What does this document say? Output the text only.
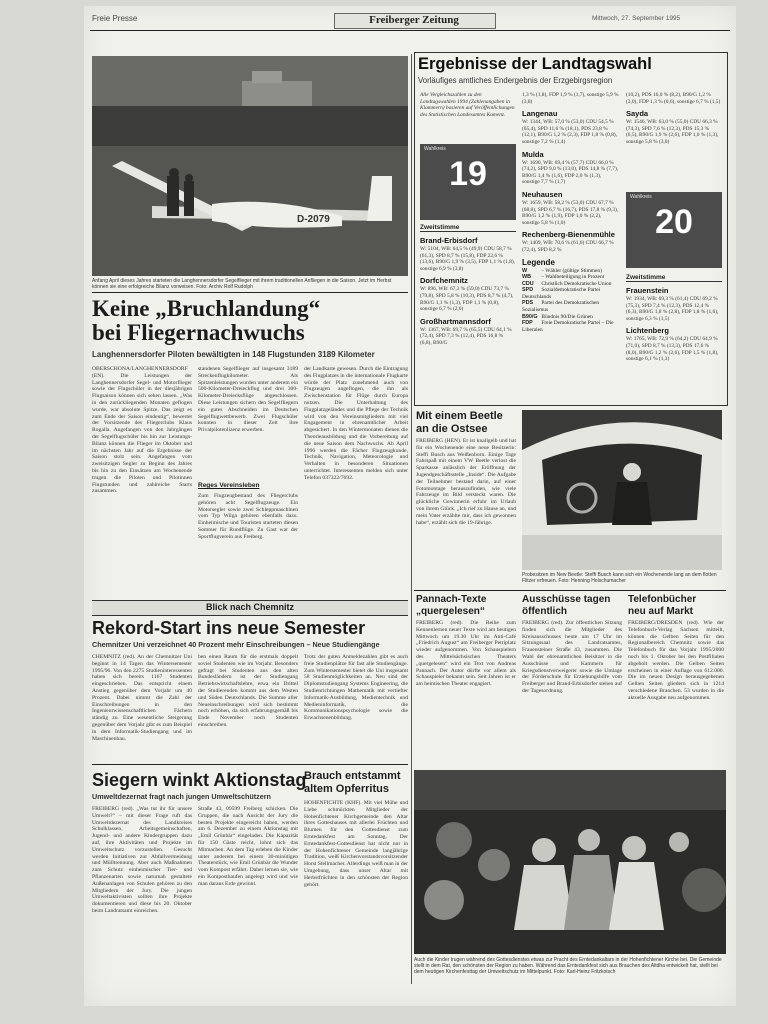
Freie Presse	Freiberger Zeitung	Mittwoch, 27. September 1995
D-2079

Anfang April dieses Jahres starteten die Langhennersdorfer Segelflieger mit ihrem traditionellen Anfliegen in die Saison. Jetzt im Herbst können sie eine erfolgreiche Bilanz vorweisen. Foto: Archiv Rolf Rudolph

Keine „Bruchlandung“
bei Fliegernachwuchs
Langhennersdorfer Piloten bewältigten in 148 Flugstunden 3189 Kilometer

OBERSCHÖNA/LANGHENNERSDORF (EN). Die Leistungen der Langhennersdorfer Segel- und Motorflieger sowie der Flugschüler in der diesjährigen Flugsaison können sich sehen lassen. „Was in den zurückliegenden Monaten geflogen wurde, war absolute Spitze. Das zeigt es zum Ende der Saison eindeutig“, bewertet der Vorsitzende des Fliegerclubs Klaus Rogalla. Angefangen von den Jahrgängen der Segelflugschüler bis hin zur Leistungs-Bilanz können die Flieger im Oktober und im nächsten Jahr auf die Ergebnisse der Saison stolz sein. Angefangen vom zweisitzigen Segler zu Beginn des Jahres bis hin zu den Einsätzen am Wochenende trugen die Piloten und Pilotinnen Flugstunden und zahlreiche Starts zusammen.

standenen Segelflieger auf insgesamt 3189 Streckenflugkilometer. Als Spitzenleistungen wurden unter anderem ein 500-Kilometer-Dreieckflug und drei 300-Kilometer-Dreiecksflüge abgeschlossen. Diese Leistungen sichern den Segelfliegern ein gutes Abschneiden im Deutschen Segelflugwettbewerb. Zwei Flugschüler konnten in dieser Zeit ihre Privatpilotenlizenz erwerben.

Reges Vereinsleben

Zum Flugzeugbestand des Fliegerclubs gehören acht Segelflugzeuge. Ein Motorsegler sowie zwei Schleppmaschinen vom Typ Wilga gehören ebenfalls dazu. Einheimische und Touristen starteten diesen Sommer für Rundflüge. Zu Gast war der Sportflugverein aus Freiberg.

der Landkarte gewesen. Durch die Eintragung des Flugplatzes in die internationale Flugkarte würde der Platz zunehmend auch von Flugzeugen angeflogen, die ihn als Zwischenstation für Flüge durch Europa nutzen. Die Unterhaltung des Flugplatzgeländes und die Pflege der Technik wird von den Vereinsmitgliedern mit viel Engagement in ehrenamtlicher Arbeit abgesichert. In den Wintermonaten dienen die Theorieausbildung und die Vorbereitung auf die neue Saison dem Nachwuchs. Ab April 1996 werden die Fächer Flugzeugkunde, Technik, Navigation, Meteorologie und Verhalten in besonderen Situationen unterrichtet. Interessenten melden sich unter Telefon 037322/7692.

Blick nach Chemnitz
Rekord-Start ins neue Semester
Chemnitzer Uni verzeichnet 40 Prozent mehr Einschreibungen – Neue Studiengänge

CHEMNITZ (red). An der Chemnitzer Uni beginnt in 14 Tagen das Wintersemester 1995/96. Von den 2275 Studieninteressenten haben sich bereits 1167 Studenten eingeschrieben. Das entspricht einem Anstieg gegenüber dem Vorjahr um 40 Prozent. Dabei nimmt die Zahl der Einschreibungen in den Ingenieurwissenschaftlichen Fächern ständig zu. Eine wesentliche Steigerung gegenüber dem Vorjahr gibt es zum Beispiel in dem Informatik-Studiengang und im Maschinenbau.

ben einen Raum für die erstmals doppelt soviel Studenten wie im Vorjahr. Besonders gefragt bei Studenten aus den alten Bundesländern ist der Studiengang Betriebswirtschaftslehre, etwa ein Drittel der Studierenden kommt aus dem Westen und Süden Deutschlands. Die Summe aller Neueinschreibungen wird sich bestimmt noch erhöhen, da sich erfahrungsgemäß bis Ende November noch Studenten einschreiben.

Trotz der guten Anmeldezahlen gibt es auch freie Studienplätze für fast alle Studiengänge. Zum Wintersemester bietet die Uni insgesamt 58 Studienmöglichkeiten an. Neu sind der Diplomstudiengang Systems Engineering, die Studienrichtungen Mathematik mit vertiefter Informatik-Ausbildung, Medientechnik und Medieninformatik, die Kommunikationspsychologie sowie die Erwachsenenbildung.

Siegern winkt Aktionstag
Umweltdezernat fragt nach jungen Umweltschützern

FREIBERG (red). „Was tut ihr für unsere Umwelt?“ – mit dieser Frage ruft das Umweltdezernat des Landkreises Schulklassen, Arbeitsgemeinschaften, Jugend- und andere Kindergruppen dazu auf, ihre Aktivitäten und Projekte im Umweltschutz vorzustellen. Gesucht werden Initiativen zur Abfallvermeidung und Mülltrennung. Aber auch Maßnahmen zum Schutz einheimischer Tier- und Pflanzenarten sowie naturnah gestaltete Außenanlagen von Schulen gehören zu den Mitgliedern der Jury. Die jungen Umweltaktivisten sollten ihre Projekte dokumentieren und diese bis 20. Oktober beim Landratsamt einreichen.

Straße 43, 09599 Freiberg schicken. Die Gruppen, die nach Ansicht der Jury die besten Projekte eingereicht haben, werden am 6. Dezember zu einem Aktionstag mit „Emil Grünbär“ eingeladen. Die Kapazität für 150 Gäste reicht, lohnt sich das Mitmachen. An dem Tag erleben die Kinder unter anderem bei einem 30-minütigen Theaterstück, wie Emil Grünbär die Wunder vom Kompost erfährt. Daher lernen sie, wie ein Komposthaufen angelegt wird und wie man daraus Erde gewinnt.

Brauch entstammt
altem Opferritus

HOHENFICHTE (KHF). Mit viel Mühe und Liebe schmückten Mitglieder der Hohenfichtener Kirchgemeinde den Altar ihres Gotteshauses mit allerlei Früchten und Blumen für den Gottesdienst zum Erntedankfest am Sonntag. Der Erntedankfest-Gottesdienst hat nicht nur in der Hohenfichtener Gemeinde langjährige Tradition, weiß Kirchenvorstandsvorsitzender Horst Stellmacher. Allerdings weiß man in der Umgebung, dass unser Altar mit Herbstfrüchten in den schönsten der Region gehört.

Ergebnisse der Landtagswahl
Vorläufiges amtliches Endergebnis der Erzgebirgsregion

Alle Vergleichszahlen zu den Landtagswahlen 1994 (Zahlenangaben in Klammern) basieren auf Veröffentlichungen des Statistischen Landesamtes Kamenz.

Wahlkreis
19
Zweitstimme
Brand-Erbisdorf

W: 5104, WB: 64,5 % (49,9) CDU 58,7 % (61,3), SPD 8,7 % (15,8), FDP 22,6 % (13,6), B90/G 1,9 % (3,5), FDP 1,1 % (1,8), sonstige 6,9 % (3,8)

Dorfchemnitz

W: 896, WB: 67,3 % (59,0) CDU 73,7 % (79,8), SPD 5,8 % (10,3), PDS 8,7 % (4,7), B90/G 1,1 % (1,3), FDP 1,1 % (0,8), sonstige 6,7 % (2,6)

Großhartmannsdorf

W: 1367, WB: 69,7 % (65,5) CDU 64,1 % (72,4), SPD 7,3 % (12,4), PDS 16,8 % (6,8), B90/G

1,3 % (1,8), FDP 1,9 % (1,7), sonstige 5,9 % (3,8)

Langenau

W: 1344, WB: 57,0 % (53,0) CDU 54,5 % (65,4), SPD 11,6 % (18,1), PDS 23,8 % (12,1), B90/G 1,2 % (2,3), FDP 1,8 % (0,8), sonstige 7,2 % (1,4)

Mulda

W: 1690, WB: 69,4 % (57,7) CDU 66,0 % (74,2), SPD 9,0 % (13,0), PDS 14,8 % (7,7), B90/G 1,4 % (1,6), FDP 2,0 % (1,3), sonstige 7,7 % (1,7)

Neuhausen

W: 1659, WB: 58,2 % (53,0) CDU 67,7 % (68,8), SPD 6,7 % (16,7), PDS 17,8 % (9,3), B90/G 1,2 % (1,9), FDP 1,0 % (2,2), sonstige 5,8 % (1,0)

Rechenberg-Bienenmühle

W: 1409, WB: 70,6 % (61,6) CDU 66,7 % (72,4), SPD 8,2 %

Legende

W – Wähler (gültige Stimmen)

WB – Wahlbeteiligung in Prozent

CDU Christlich Demokratische Union

SPD Sozialdemokratische Partei Deutschlands

PDS Partei des Demokratischen Sozialismus

B90/G Bündnis 90/Die Grünen

FDP Freie Demokratische Partei – Die Liberalen

(10,2), PDS 16,0 % (8,2), B90/G 1,2 % (3,0), FDP 1,3 % (0,6), sonstige 6,7 % (1,5)

Sayda

W: 1546, WB: 63,0 % (55,0) CDU 66,3 % (74,3), SPD 7,6 % (12,3), PDS 15,3 % (6,5), B90/G 1,9 % (2,6), FDP 1,0 % (1,3), sonstige 5,8 % (3,0)

Wahlkreis
20
Zweitstimme
Frauenstein

W: 1934, WB: 69,3 % (61,4) CDU 69,2 % (75,3), SPD 7,4 % (12,3), PDS 12,4 % (6,3), B90/G 1,8 % (2,8), FDP 1,8 % (1,6), sonstige 6,3 % (1,5)

Lichtenberg

W: 1765, WB: 72,9 % (64,2) CDU 64,9 % (71,0), SPD 8,7 % (13,3), PDS 17,6 % (8,0), B90/G 1,2 % (2,6), FDP 1,5 % (1,8), sonstige 6,1 % (1,3)

Mit einem Beetle
an die Ostsee

FREIBERG (HEN). Er ist knallgelb und hat für ein Wochenende eine neue Besitzerin: Steffi Busch aus Weißenborn. Einige Tage Fahrspaß mit einem VW Beetle verlost die Sparkasse anlässlich der Eröffnung der Jugendgeschäftsstelle „Inside“. Die Aufgabe der Teilnehmer bestand darin, auf einer Fotomontage herauszufinden, wie viele Fahrzeuge im Bild versteckt waren. Die glückliche Gewinnerin erfuhr im Urlaub von ihrem Glück. „Ich rief zu Hause an, und mein Vater erzählte mir, dass ich gewonnen habe“, erzählt sich die 19-Jährige.

Probesitzen im New Beetle: Steffi Busch kann sich ein Wochenende lang an dem flotten Flitzer erfreuen. Foto: Henning Holschumacher

Pannach-Texte
„quergelesen“

FREIBERG (red). Die Reihe zum Kennenlernen neuer Texte wird am heutigen Mittwoch um 19.30 Uhr im Anti-Café „Friedrich August“ am Freiberger Petriplatz wieder aufgenommen. Von Schauspielern des Mittelsächsischen Theaters „quergelesen“ wird ein Text von Andreas Pannach. Der Autor dürfte vor allem als Schauspieler bekannt sein. Seit Jahren ist er am heimischen Theater engagiert.

Ausschüsse tagen
öffentlich

FREIBERG (red). Zur öffentlichen Sitzung finden sich die Mitglieder des Kreisausschusses heute um 17 Uhr im Sitzungssaal des Landratsamtes, Frauensteiner Straße 43, zusammen. Die Wahl der ehrenamtlichen Beisitzer in die Ausschüsse und Kammern für Kriegsdienstverweigerer sowie die Umlage der Förderschule für Erziehungshilfe vom Freiberger und Brand-Erbisdorfer stehen auf der Tagesordnung.

Telefonbücher
neu auf Markt

FREIBERG/DRESDEN (red). Wie der Telefonbuch-Verlag Sachsen mitteilt, können die Gelben Seiten für den Regionalbereich Chemnitz sowie das Telefonbuch für das Vorjahr 1995/2000 noch bis 1. Oktober bei den Postfilialen abgeholt werden. Die Gelben Seiten erscheinen in einer Auflage von 612.000. Die im neuen Design herausgegebenen Gelben Seiten gliedern sich in 1214 verschiedene Branchen. 53 wurden in die aktuelle Ausgabe neu aufgenommen.

Auch die Kinder trugen während des Gottesdienstes etwas zur Pracht des Erntedankaltars in der Hohenfichtener Kirche bei. Die Gemeinde stellt in dem Rat, den schönsten der Region zu haben. Während das Erntedankfest sich aus Brauchen des Altdha entwickelt hat, stellt bei dem heutigen Kirchenfesttag der Umweltschutz im Mittelpunkt. Foto: Karl-Heinz Fritzkotsch
